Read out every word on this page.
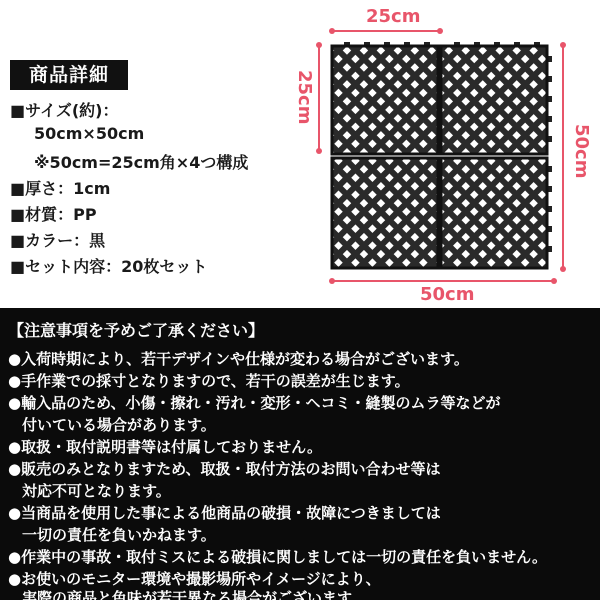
商品詳細
■サイズ(約)：
50cm×50cm
※50cm=25cm角×4つ構成
■厚さ：1cm
■材質：PP
■カラー：黒
■セット内容：20枚セット
25cm
25cm
50cm
50cm
【注意事項を予めご了承ください】
●入荷時期により、若干デザインや仕様が変わる場合がございます。
●手作業での採寸となりますので、若干の誤差が生じます。
●輸入品のため、小傷・擦れ・汚れ・変形・ヘコミ・縫製のムラ等などが
付いている場合があります。
●取扱・取付説明書等は付属しておりません。
●販売のみとなりますため、取扱・取付方法のお問い合わせ等は
対応不可となります。
●当商品を使用した事による他商品の破損・故障につきましては
一切の責任を負いかねます。
●作業中の事故・取付ミスによる破損に関しましては一切の責任を負いません。
●お使いのモニター環境や撮影場所やイメージにより、
実際の商品と色味が若干異なる場合がございます。
